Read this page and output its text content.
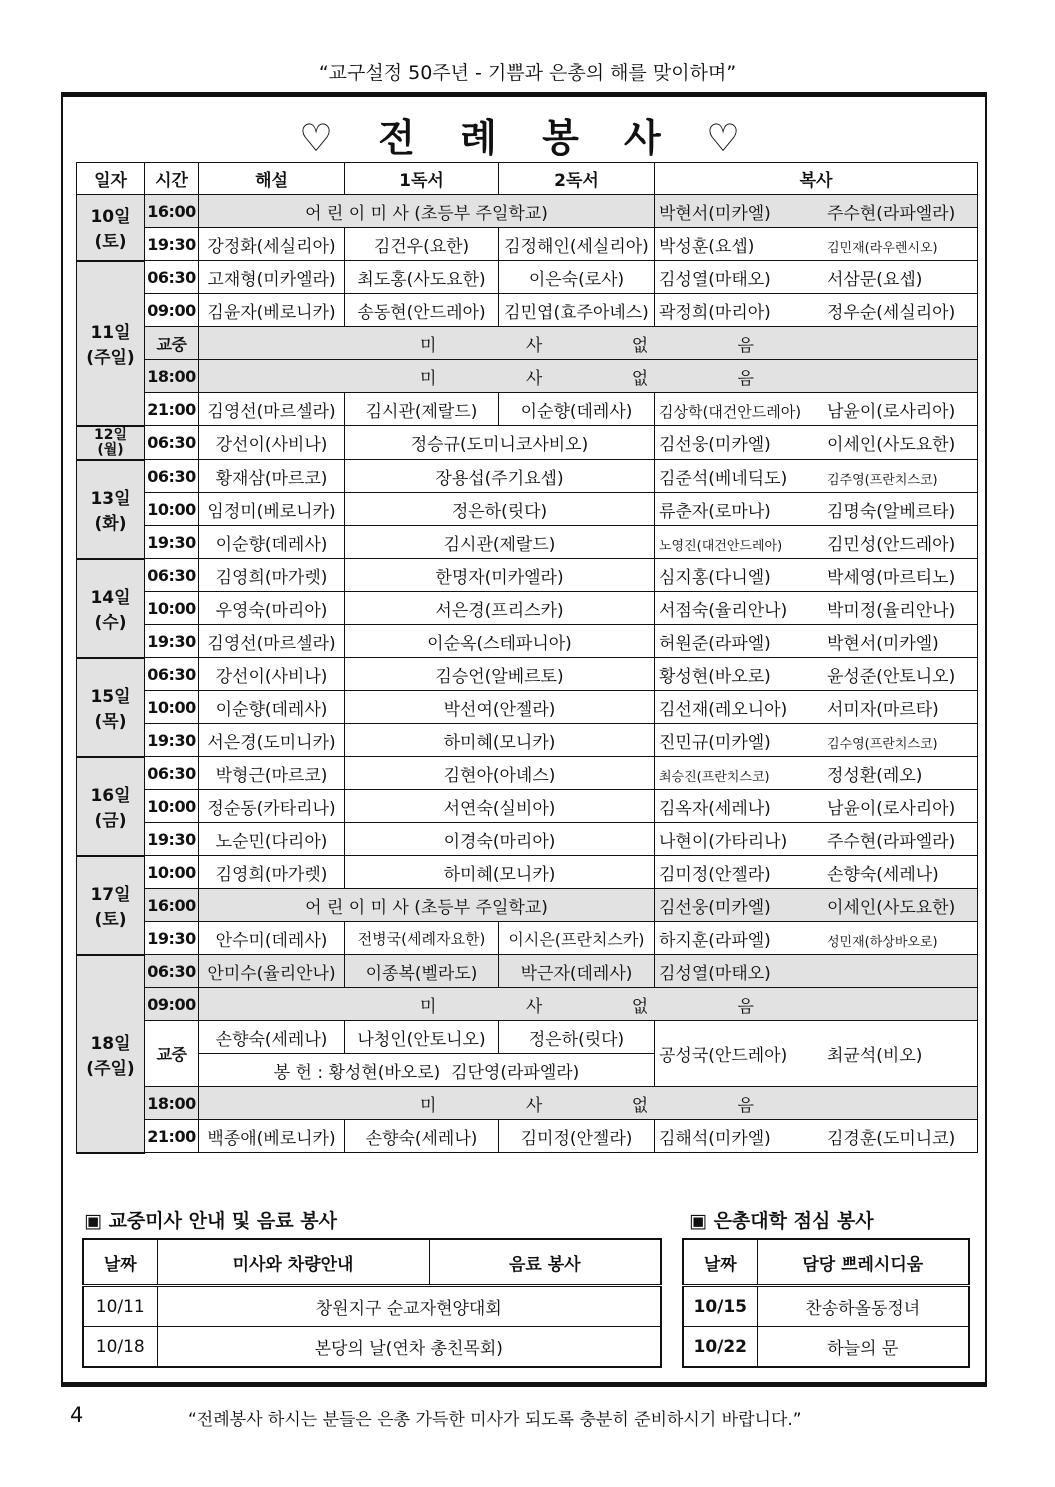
“교구설정 50주년 - 기쁨과 은총의 해를 맞이하며”
♡ 전 례 봉 사 ♡
일자	시간	해설	1독서	2독서	복사

10일
(토)	16:00	어 린 이 미 사 (초등부 주일학교)			박현서(미카엘) 주수현(라파엘라)
	19:30	강정화(세실리아)	김건우(요한)	김정해인(세실리아)	박성훈(요셉) 김민재(라우렌시오)

11일
(주일)	06:30	고재형(미카엘라)	최도홍(사도요한)	이은숙(로사)	김성열(마태오) 서삼문(요셉)
	09:00	김윤자(베로니카)	송동현(안드레아)	김민엽(효주아녜스)	곽정희(마리아) 정우순(세실리아)
	교중	미 사 없 음			
	18:00	미 사 없 음			
	21:00	김영선(마르셀라)	김시관(제랄드)	이순향(데레사)	김상학(대건안드레아) 남윤이(로사리아)

12일
(월)	06:30	강선이(사비나)	정승규(도미니코사비오)		김선웅(미카엘) 이세인(사도요한)

13일
(화)	06:30	황재삼(마르코)	장용섭(주기요셉)		김준석(베네딕도) 김주영(프란치스코)
	10:00	임정미(베로니카)	정은하(릿다)		류춘자(로마나) 김명숙(알베르타)
	19:30	이순향(데레사)	김시관(제랄드)		노영진(대건안드레아) 김민성(안드레아)

14일
(수)	06:30	김영희(마가렛)	한명자(미카엘라)		심지홍(다니엘) 박세영(마르티노)
	10:00	우영숙(마리아)	서은경(프리스카)		서점숙(율리안나) 박미정(율리안나)
	19:30	김영선(마르셀라)	이순옥(스테파니아)		허원준(라파엘) 박현서(미카엘)

15일
(목)	06:30	강선이(사비나)	김승언(알베르토)		황성현(바오로) 윤성준(안토니오)
	10:00	이순향(데레사)	박선여(안젤라)		김선재(레오니아) 서미자(마르타)
	19:30	서은경(도미니카)	하미혜(모니카)		진민규(미카엘) 김수영(프란치스코)

16일
(금)	06:30	박형근(마르코)	김현아(아녜스)		최승진(프란치스코) 정성환(레오)
	10:00	정순동(카타리나)	서연숙(실비아)		김옥자(세레나) 남윤이(로사리아)
	19:30	노순민(다리아)	이경숙(마리아)		나현이(가타리나) 주수현(라파엘라)

17일
(토)	10:00	김영희(마가렛)	하미혜(모니카)		김미정(안젤라) 손향숙(세레나)
	16:00	어 린 이 미 사 (초등부 주일학교)			김선웅(미카엘) 이세인(사도요한)
	19:30	안수미(데레사)	전병국(세례자요한)	이시은(프란치스카)	하지훈(라파엘) 성민재(하상바오로)

18일
(주일)	06:30	안미수(율리안나)	이종복(벨라도)	박근자(데레사)	김성열(마태오)
	09:00	미 사 없 음			
	교중	손향숙(세레나)	나청인(안토니오)	정은하(릿다)	공성국(안드레아) 최균석(비오)
		봉 헌 : 황성현(바오로)  김단영(라파엘라)			
	18:00	미 사 없 음			
	21:00	백종애(베로니카)	손향숙(세레나)	김미정(안젤라)	김해석(미카엘) 김경훈(도미니코)
▣ 교중미사 안내 및 음료 봉사
날짜	미사와 차량안내	음료 봉사
10/11	창원지구 순교자현양대회	
10/18	본당의 날(연차 총친목회)	
▣ 은총대학 점심 봉사
날짜	담당 쁘레시디움
10/15	찬송하올동정녀
10/22	하늘의 문
4	“전례봉사 하시는 분들은 은총 가득한 미사가 되도록 충분히 준비하시기 바랍니다.”
